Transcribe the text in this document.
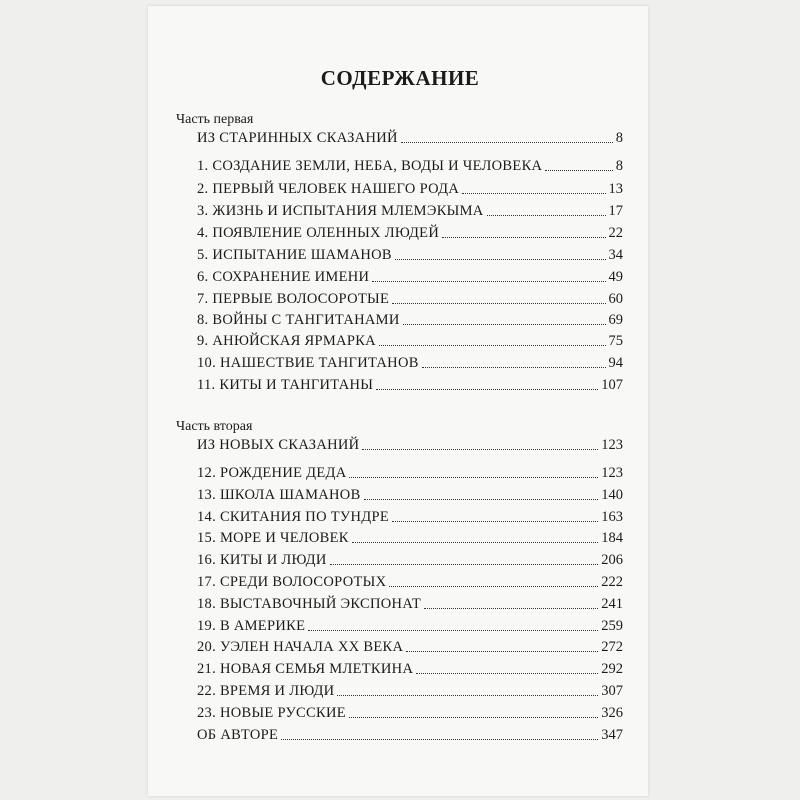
СОДЕРЖАНИЕ
Часть первая
ИЗ СТАРИННЫХ СКАЗАНИЙ	8
1. СОЗДАНИЕ ЗЕМЛИ, НЕБА, ВОДЫ И ЧЕЛОВЕКА	8
2. ПЕРВЫЙ ЧЕЛОВЕК НАШЕГО РОДА	13
3. ЖИЗНЬ И ИСПЫТАНИЯ МЛЕМЭКЫМА	17
4. ПОЯВЛЕНИЕ ОЛЕННЫХ ЛЮДЕЙ	22
5. ИСПЫТАНИЕ ШАМАНОВ	34
6. СОХРАНЕНИЕ ИМЕНИ	49
7. ПЕРВЫЕ ВОЛОСОРОТЫЕ	60
8. ВОЙНЫ С ТАНГИТАНАМИ	69
9. АНЮЙСКАЯ ЯРМАРКА	75
10. НАШЕСТВИЕ ТАНГИТАНОВ	94
11. КИТЫ И ТАНГИТАНЫ	107
Часть вторая
ИЗ НОВЫХ СКАЗАНИЙ	123
12. РОЖДЕНИЕ ДЕДА	123
13. ШКОЛА ШАМАНОВ	140
14. СКИТАНИЯ ПО ТУНДРЕ	163
15. МОРЕ И ЧЕЛОВЕК	184
16. КИТЫ И ЛЮДИ	206
17. СРЕДИ ВОЛОСОРОТЫХ	222
18. ВЫСТАВОЧНЫЙ ЭКСПОНАТ	241
19. В АМЕРИКЕ	259
20. УЭЛЕН НАЧАЛА XX ВЕКА	272
21. НОВАЯ СЕМЬЯ МЛЕТКИНА	292
22. ВРЕМЯ И ЛЮДИ	307
23. НОВЫЕ РУССКИЕ	326
ОБ АВТОРЕ	347
